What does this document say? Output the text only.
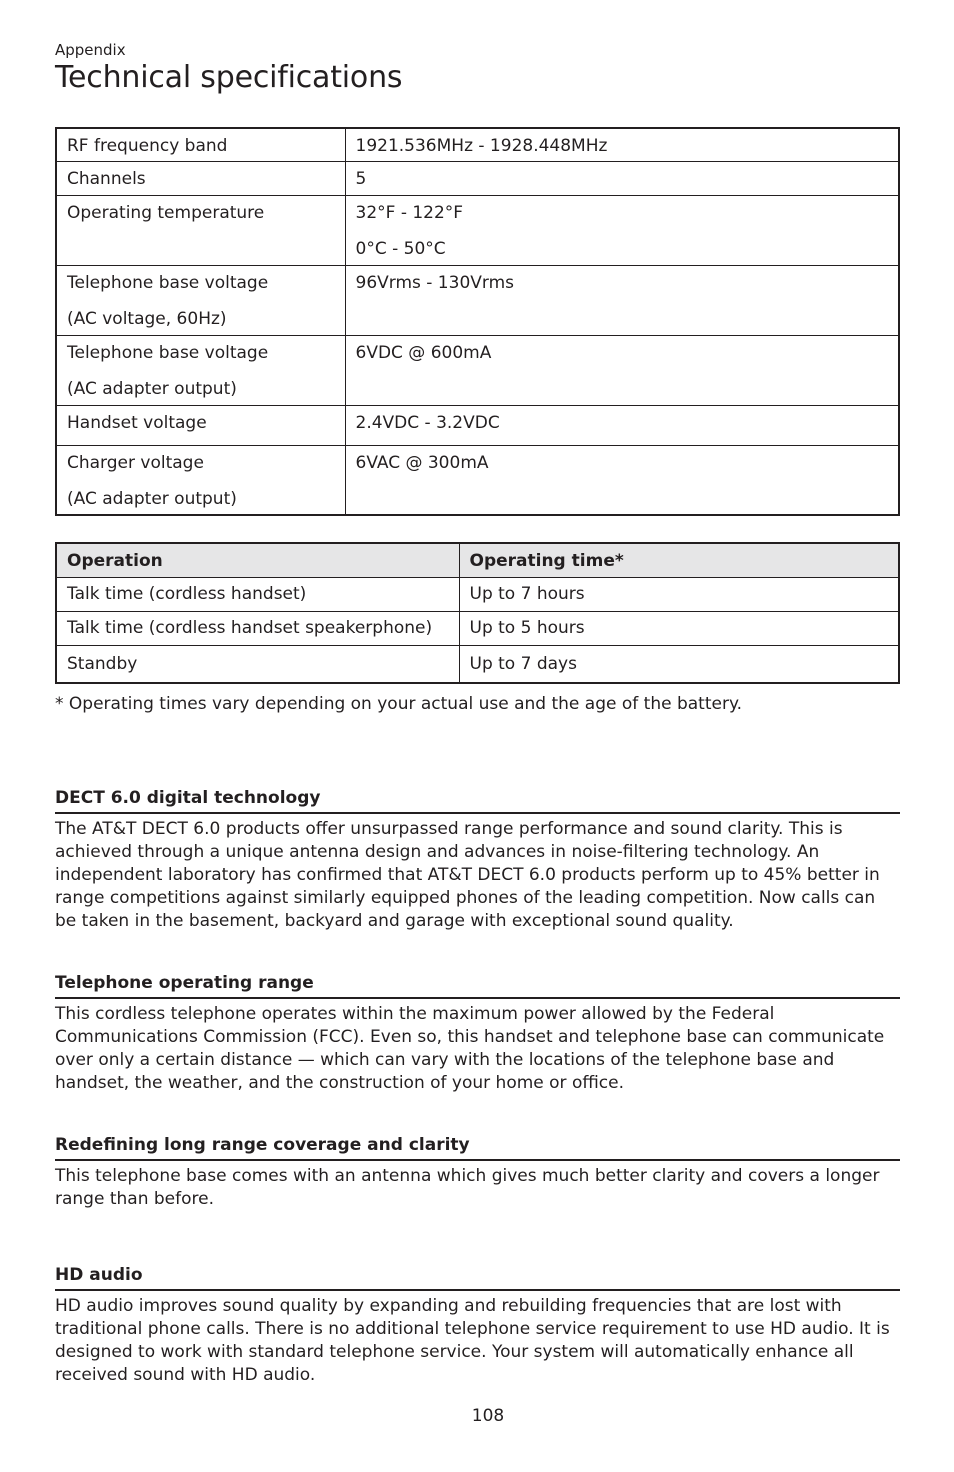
Appendix
Technical specifications
RF frequency band	1921.536MHz - 1928.448MHz

Channels	5

Operating temperature	32°F - 122°F
0°C - 50°C

Telephone base voltage
(AC voltage, 60Hz)	96Vrms - 130Vrms

Telephone base voltage
(AC adapter output)	6VDC @ 600mA

Handset voltage	2.4VDC - 3.2VDC

Charger voltage
(AC adapter output)	6VAC @ 300mA
Operation	Operating time*
Talk time (cordless handset)	Up to 7 hours
Talk time (cordless handset speakerphone)	Up to 5 hours
Standby	Up to 7 days
* Operating times vary depending on your actual use and the age of the battery.
DECT 6.0 digital technology

The AT&T DECT 6.0 products offer unsurpassed range performance and sound clarity. This is achieved through a unique antenna design and advances in noise-filtering technology. An independent laboratory has confirmed that AT&T DECT 6.0 products perform up to 45% better in range competitions against similarly equipped phones of the leading competition. Now calls can be taken in the basement, backyard and garage with exceptional sound quality.

Telephone operating range

This cordless telephone operates within the maximum power allowed by the Federal Communications Commission (FCC). Even so, this handset and telephone base can communicate over only a certain distance — which can vary with the locations of the telephone base and handset, the weather, and the construction of your home or office.

Redefining long range coverage and clarity

This telephone base comes with an antenna which gives much better clarity and covers a longer range than before.

HD audio

HD audio improves sound quality by expanding and rebuilding frequencies that are lost with traditional phone calls. There is no additional telephone service requirement to use HD audio. It is designed to work with standard telephone service. Your system will automatically enhance all received sound with HD audio.

108
